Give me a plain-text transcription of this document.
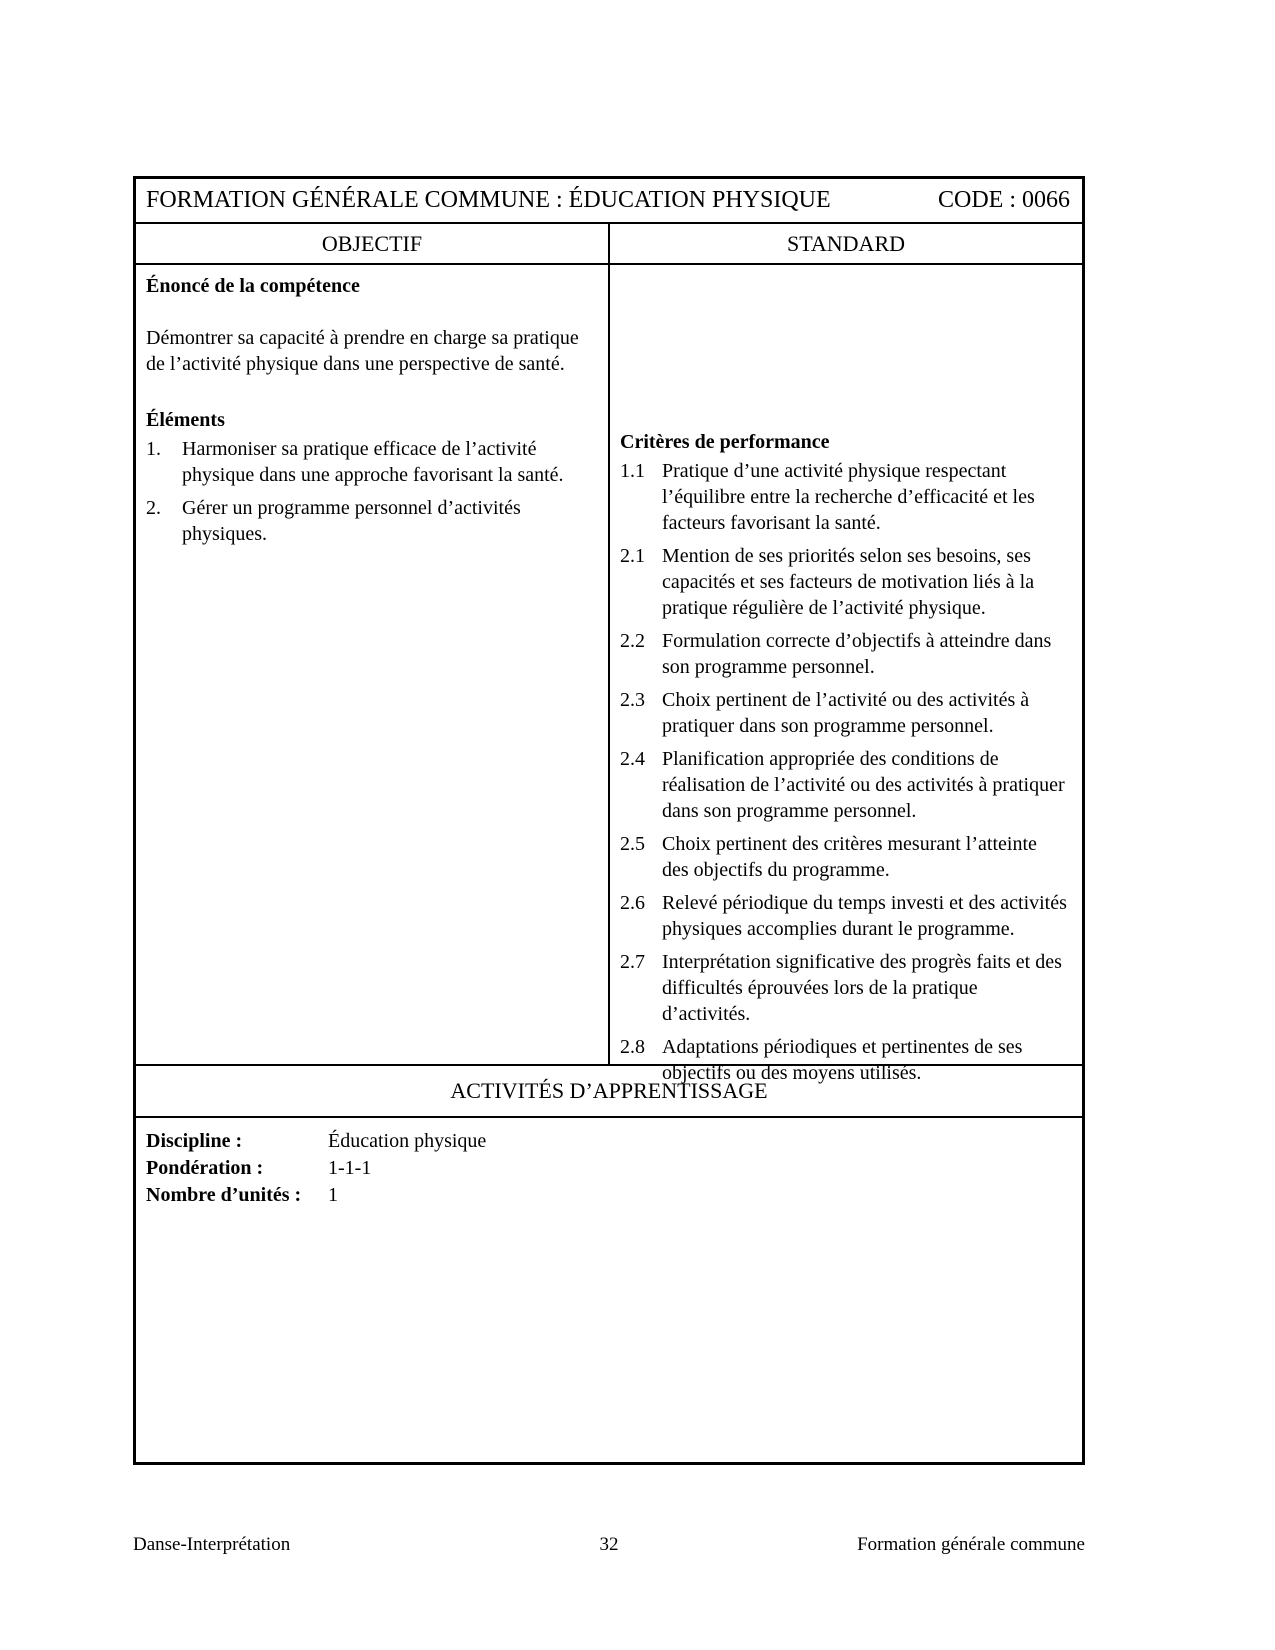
FORMATION GÉNÉRALE COMMUNE : ÉDUCATION PHYSIQUE	CODE : 0066
OBJECTIF	STANDARD
Énoncé de la compétence

Démontrer sa capacité à prendre en charge sa pratique de l’activité physique dans une perspective de santé.

Éléments
1.	Harmoniser sa pratique efficace de l’activité physique dans une approche favorisant la santé.
2.	Gérer un programme personnel d’activités physiques.
Critères de performance
1.1 Pratique d’une activité physique respectant l’équilibre entre la recherche d’efficacité et les facteurs favorisant la santé.
2.1 Mention de ses priorités selon ses besoins, ses capacités et ses facteurs de motivation liés à la pratique régulière de l’activité physique.
2.2 Formulation correcte d’objectifs à atteindre dans son programme personnel.
2.3 Choix pertinent de l’activité ou des activités à pratiquer dans son programme personnel.
2.4 Planification appropriée des conditions de réalisation de l’activité ou des activités à pratiquer dans son programme personnel.
2.5 Choix pertinent des critères mesurant l’atteinte des objectifs du programme.
2.6 Relevé périodique du temps investi et des activités physiques accomplies durant le programme.
2.7 Interprétation significative des progrès faits et des difficultés éprouvées lors de la pratique d’activités.
2.8 Adaptations périodiques et pertinentes de ses objectifs ou des moyens utilisés.
ACTIVITÉS D’APPRENTISSAGE
Discipline :	Éducation physique
Pondération :	1-1-1
Nombre d’unités :	1
Danse-Interprétation	32	Formation générale commune
